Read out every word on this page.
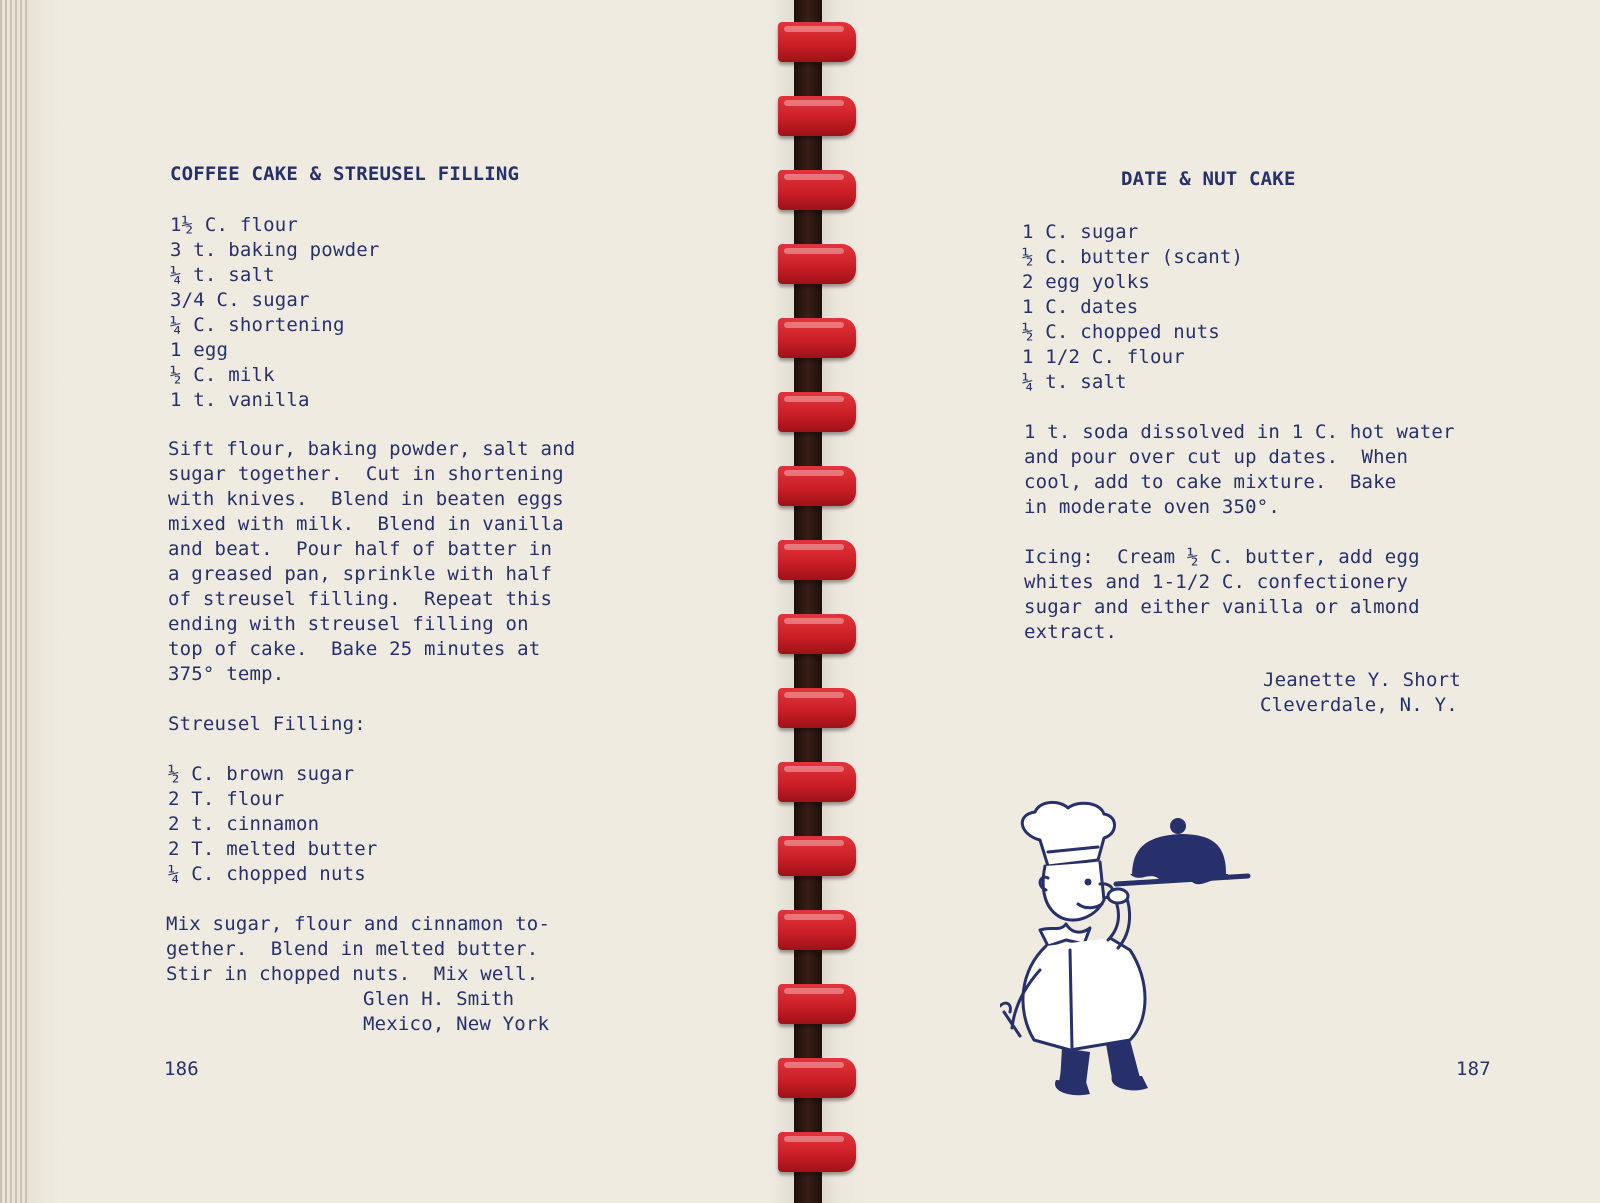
COFFEE CAKE & STREUSEL FILLING
1½ C. flour
3 t. baking powder
¼ t. salt
3/4 C. sugar
¼ C. shortening
1 egg
½ C. milk
1 t. vanilla
Sift flour, baking powder, salt and
sugar together.  Cut in shortening
with knives.  Blend in beaten eggs
mixed with milk.  Blend in vanilla
and beat.  Pour half of batter in
a greased pan, sprinkle with half
of streusel filling.  Repeat this
ending with streusel filling on
top of cake.  Bake 25 minutes at
375° temp.
Streusel Filling:
½ C. brown sugar
2 T. flour
2 t. cinnamon
2 T. melted butter
¼ C. chopped nuts
Mix sugar, flour and cinnamon to-
gether.  Blend in melted butter.
Stir in chopped nuts.  Mix well.
Glen H. Smith
Mexico, New York
186
DATE & NUT CAKE
1 C. sugar
½ C. butter (scant)
2 egg yolks
1 C. dates
½ C. chopped nuts
1 1/2 C. flour
¼ t. salt
1 t. soda dissolved in 1 C. hot water
and pour over cut up dates.  When
cool, add to cake mixture.  Bake
in moderate oven 350°.
Icing:  Cream ½ C. butter, add egg
whites and 1-1/2 C. confectionery
sugar and either vanilla or almond
extract.
Jeanette Y. Short
Cleverdale, N. Y.
187
